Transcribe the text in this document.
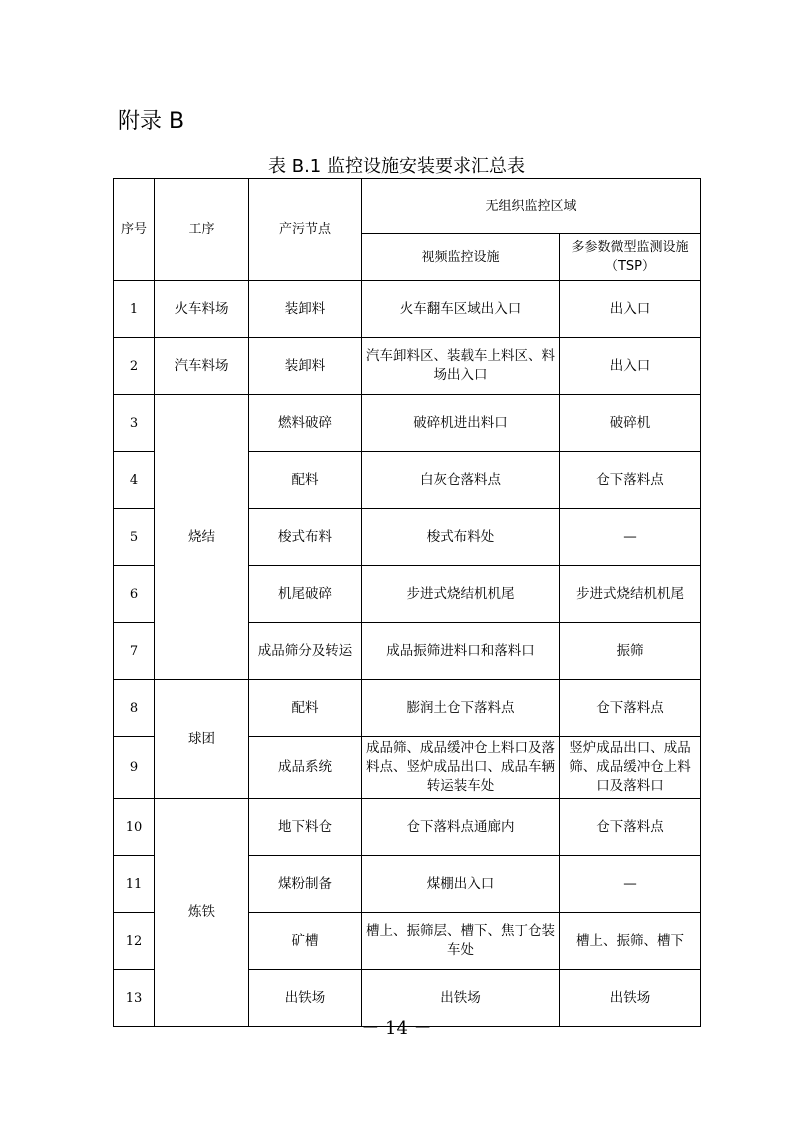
附录 B
表 B.1 监控设施安装要求汇总表
序号	工序	产污节点	无组织监控区域	
			视频监控设施	多参数微型监测设施（TSP）
1	火车料场	装卸料	火车翻车区域出入口	出入口
2	汽车料场	装卸料	汽车卸料区、装载车上料区、料场出入口	出入口
3	烧结	燃料破碎	破碎机进出料口	破碎机
4		配料	白灰仓落料点	仓下落料点
5		梭式布料	梭式布料处	—
6		机尾破碎	步进式烧结机机尾	步进式烧结机机尾
7		成品筛分及转运	成品振筛进料口和落料口	振筛
8	球团	配料	膨润土仓下落料点	仓下落料点
9		成品系统	成品筛、成品缓冲仓上料口及落料点、竖炉成品出口、成品车辆转运装车处	竖炉成品出口、成品筛、成品缓冲仓上料口及落料口
10	炼铁	地下料仓	仓下落料点通廊内	仓下落料点
11		煤粉制备	煤棚出入口	—
12		矿槽	槽上、振筛层、槽下、焦丁仓装车处	槽上、振筛、槽下
13		出铁场	出铁场	出铁场
－ 14 －
